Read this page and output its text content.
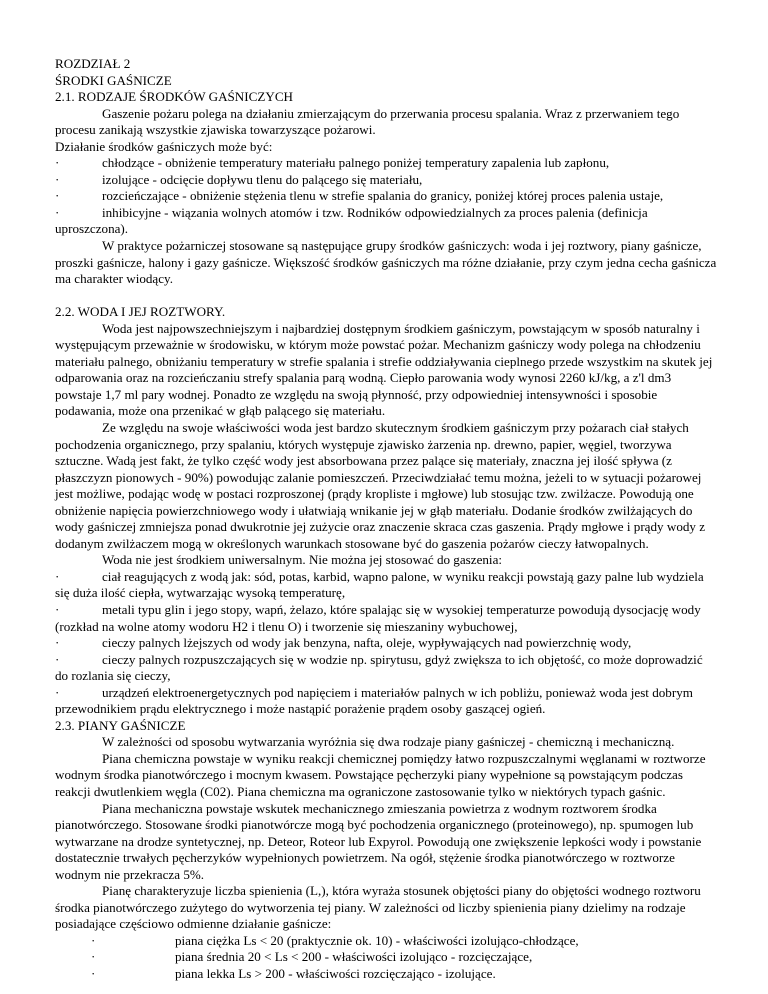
ROZDZIAŁ 2

ŚRODKI GAŚNICZE

2.1. RODZAJE ŚRODKÓW GAŚNICZYCH

Gaszenie pożaru polega na działaniu zmierzającym do przerwania procesu spalania. Wraz z przerwaniem tego procesu zanikają wszystkie zjawiska towarzyszące pożarowi.

Działanie środków gaśniczych może być:

·	chłodzące - obniżenie temperatury materiału palnego poniżej temperatury zapalenia lub zapłonu,
·	izolujące - odcięcie dopływu tlenu do palącego się materiału,
·	rozcieńczające - obniżenie stężenia tlenu w strefie spalania do granicy, poniżej której proces palenia ustaje,
·	inhibicyjne - wiązania wolnych atomów i tzw. Rodników odpowiedzialnych za proces palenia (definicja uproszczona).

W praktyce pożarniczej stosowane są następujące grupy środków gaśniczych: woda i jej roztwory, piany gaśnicze, proszki gaśnicze, halony i gazy gaśnicze. Większość środków gaśniczych ma różne działanie, przy czym jedna cecha gaśnicza ma charakter wiodący.

2.2. WODA I JEJ ROZTWORY.

Woda jest najpowszechniejszym i najbardziej dostępnym środkiem gaśniczym, powstającym w sposób naturalny i występującym przeważnie w środowisku, w którym może powstać pożar. Mechanizm gaśniczy wody polega na chłodzeniu materiału palnego, obniżaniu temperatury w strefie spalania i strefie oddziaływania cieplnego przede wszystkim na skutek jej odparowania oraz na rozcieńczaniu strefy spalania parą wodną. Ciepło parowania wody wynosi 2260 kJ/kg, a z'l dm3 powstaje 1,7 ml pary wodnej. Ponadto ze względu na swoją płynność, przy odpowiedniej intensywności i sposobie podawania, może ona przenikać w głąb palącego się materiału.

Ze względu na swoje właściwości woda jest bardzo skutecznym środkiem gaśniczym przy pożarach ciał stałych pochodzenia organicznego, przy spalaniu, których występuje zjawisko żarzenia np. drewno, papier, węgiel, tworzywa sztuczne. Wadą jest fakt, że tylko część wody jest absorbowana przez palące się materiały, znaczna jej ilość spływa (z płaszczyzn pionowych - 90%) powodując zalanie pomieszczeń. Przeciwdziałać temu można, jeżeli to w sytuacji pożarowej jest możliwe, podając wodę w postaci rozproszonej (prądy kropliste i mgłowe) lub stosując tzw. zwilżacze. Powodują one obniżenie napięcia powierzchniowego wody i ułatwiają wnikanie jej w głąb materiału. Dodanie środków zwilżających do wody gaśniczej zmniejsza ponad dwukrotnie jej zużycie oraz znaczenie skraca czas gaszenia. Prądy mgłowe i prądy wody z dodanym zwilżaczem mogą w określonych warunkach stosowane być do gaszenia pożarów cieczy łatwopalnych.

Woda nie jest środkiem uniwersalnym. Nie można jej stosować do gaszenia:

·	ciał reagujących z wodą jak: sód, potas, karbid, wapno palone, w wyniku reakcji powstają gazy palne lub wydziela się duża ilość ciepła, wytwarzając wysoką temperaturę,
·	metali typu glin i jego stopy, wapń, żelazo, które spalając się w wysokiej temperaturze powodują dysocjację wody (rozkład na wolne atomy wodoru H2 i tlenu O) i tworzenie się mieszaniny wybuchowej,
·	cieczy palnych lżejszych od wody jak benzyna, nafta, oleje, wypływających nad powierzchnię wody,
·	cieczy palnych rozpuszczających się w wodzie np. spirytusu, gdyż zwiększa to ich objętość, co może doprowadzić do rozlania się cieczy,
·	urządzeń elektroenergetycznych pod napięciem i materiałów palnych w ich pobliżu, ponieważ woda jest dobrym przewodnikiem prądu elektrycznego i może nastąpić porażenie prądem osoby gaszącej ogień.

2.3. PIANY GAŚNICZE

W zależności od sposobu wytwarzania wyróżnia się dwa rodzaje piany gaśniczej - chemiczną i mechaniczną.

Piana chemiczna powstaje w wyniku reakcji chemicznej pomiędzy łatwo rozpuszczalnymi węglanami w roztworze wodnym środka pianotwórczego i mocnym kwasem. Powstające pęcherzyki piany wypełnione są powstającym podczas reakcji dwutlenkiem węgla (C02). Piana chemiczna ma ograniczone zastosowanie tylko w niektórych typach gaśnic.

Piana mechaniczna powstaje wskutek mechanicznego zmieszania powietrza z wodnym roztworem środka pianotwórczego. Stosowane środki pianotwórcze mogą być pochodzenia organicznego (proteinowego), np. spumogen lub wytwarzane na drodze syntetycznej, np. Deteor, Roteor lub Expyrol. Powodują one zwiększenie lepkości wody i powstanie dostatecznie trwałych pęcherzyków wypełnionych powietrzem. Na ogół, stężenie środka pianotwórczego w roztworze wodnym nie przekracza 5%.

Pianę charakteryzuje liczba spienienia (L,), która wyraża stosunek objętości piany do objętości wodnego roztworu środka pianotwórczego zużytego do wytworzenia tej piany. W zależności od liczby spienienia piany dzielimy na rodzaje posiadające częściowo odmienne działanie gaśnicze:

·	piana ciężka Ls < 20 (praktycznie ok. 10) - właściwości izolująco-chłodzące,
·	piana średnia 20 < Ls < 200 - właściwości izolująco - rozcięczające,
·	piana lekka Ls > 200 - właściwości rozcięczająco - izolujące.
